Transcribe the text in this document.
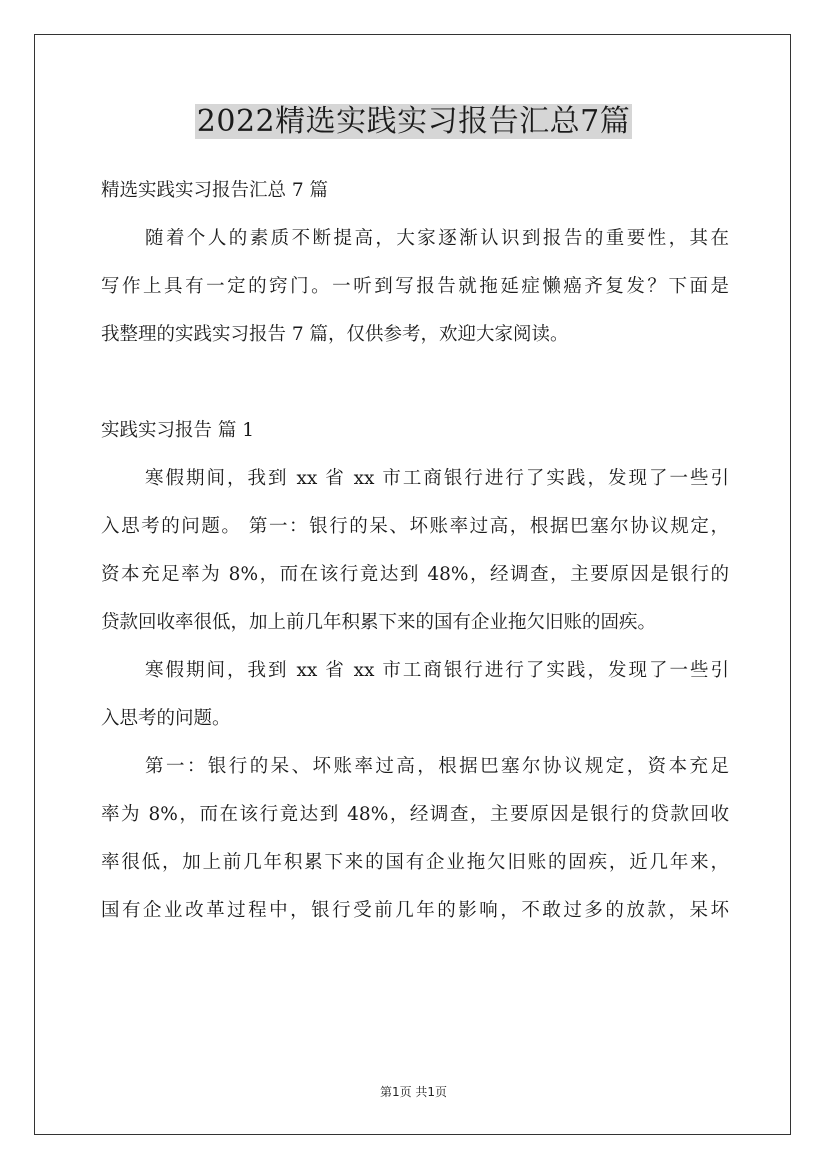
2022精选实践实习报告汇总7篇
精选实践实习报告汇总 7 篇
随着个人的素质不断提高，大家逐渐认识到报告的重要性，其在
写作上具有一定的窍门。一听到写报告就拖延症懒癌齐复发？下面是
我整理的实践实习报告 7 篇，仅供参考，欢迎大家阅读。
实践实习报告 篇 1
寒假期间，我到 xx 省 xx 市工商银行进行了实践，发现了一些引
入思考的问题。 第一：银行的呆、坏账率过高，根据巴塞尔协议规定，
资本充足率为 8%，而在该行竟达到 48%，经调查，主要原因是银行的
贷款回收率很低，加上前几年积累下来的国有企业拖欠旧账的固疾。
寒假期间，我到 xx 省 xx 市工商银行进行了实践，发现了一些引
入思考的问题。
第一：银行的呆、坏账率过高，根据巴塞尔协议规定，资本充足
率为 8%，而在该行竟达到 48%，经调查，主要原因是银行的贷款回收
率很低，加上前几年积累下来的国有企业拖欠旧账的固疾，近几年来，
国有企业改革过程中，银行受前几年的影响，不敢过多的放款，呆坏
第1页 共1页
